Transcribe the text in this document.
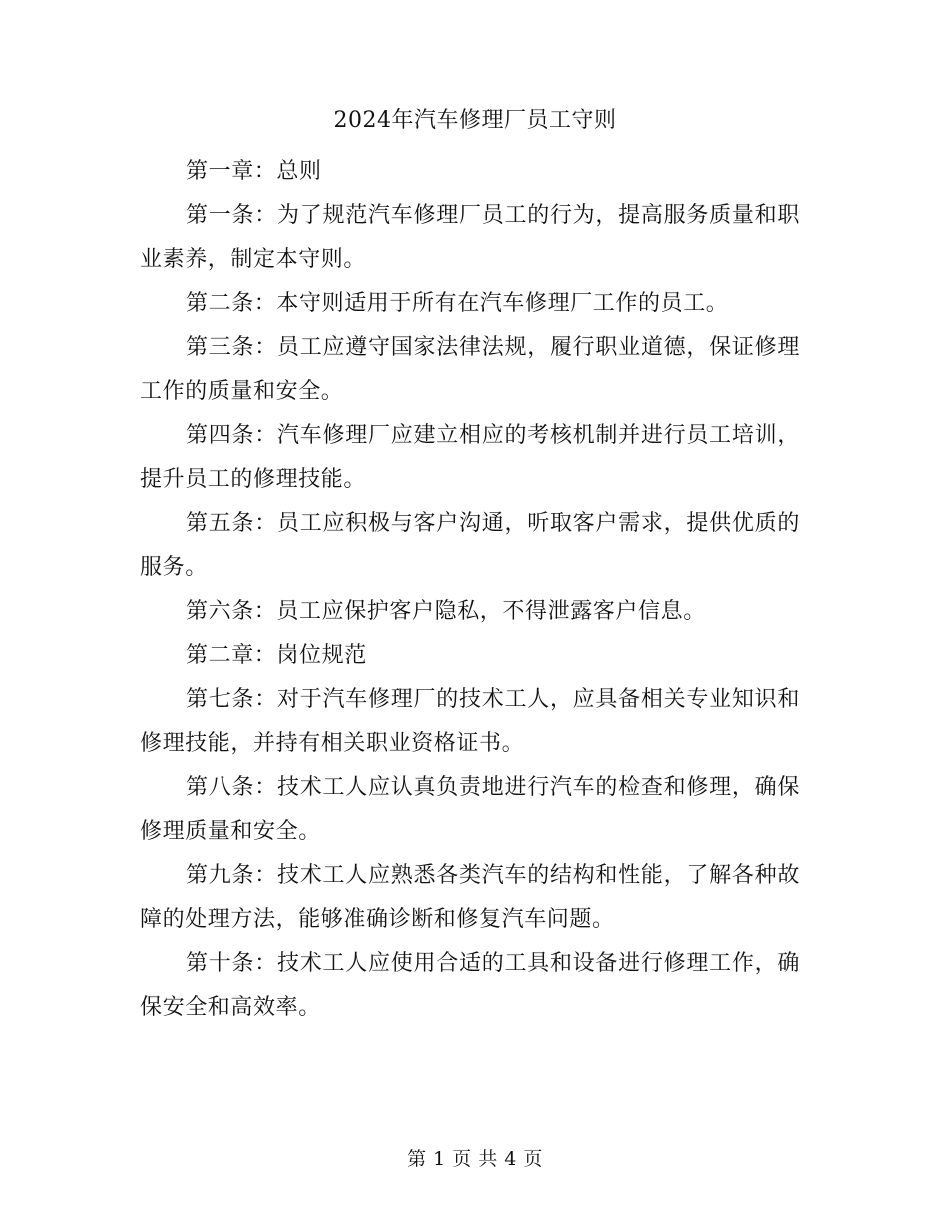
2024年汽车修理厂员工守则

第一章：总则

第一条：为了规范汽车修理厂员工的行为，提高服务质量和职业素养，制定本守则。

第二条：本守则适用于所有在汽车修理厂工作的员工。

第三条：员工应遵守国家法律法规，履行职业道德，保证修理工作的质量和安全。

第四条：汽车修理厂应建立相应的考核机制并进行员工培训，提升员工的修理技能。

第五条：员工应积极与客户沟通，听取客户需求，提供优质的服务。

第六条：员工应保护客户隐私，不得泄露客户信息。

第二章：岗位规范

第七条：对于汽车修理厂的技术工人，应具备相关专业知识和修理技能，并持有相关职业资格证书。

第八条：技术工人应认真负责地进行汽车的检查和修理，确保修理质量和安全。

第九条：技术工人应熟悉各类汽车的结构和性能，了解各种故障的处理方法，能够准确诊断和修复汽车问题。

第十条：技术工人应使用合适的工具和设备进行修理工作，确保安全和高效率。

第 1 页 共 4 页
